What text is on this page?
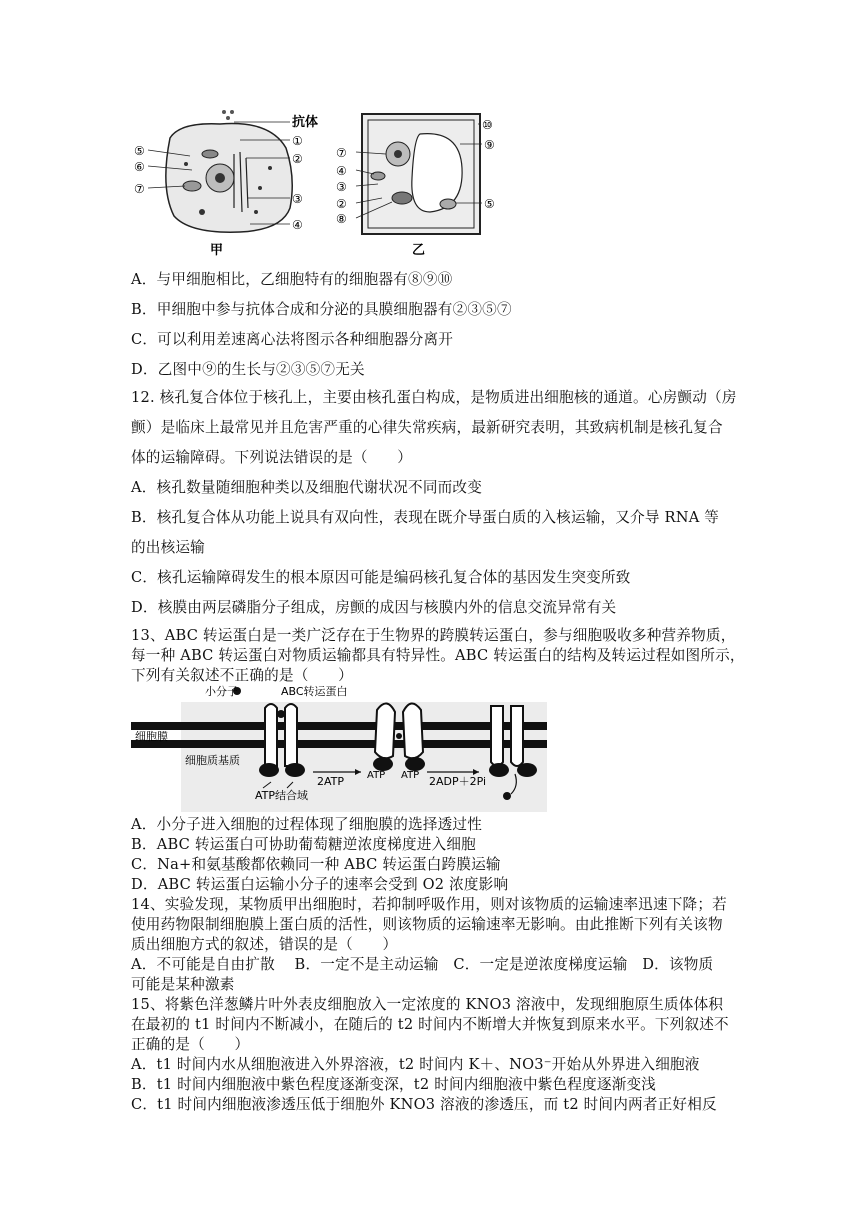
抗体
⑤
⑥
⑦
①
②
③
④
甲
⑦
④
③
②
⑧
⑩
⑨
⑤
乙
A．与甲细胞相比，乙细胞特有的细胞器有⑧⑨⑩
B．甲细胞中参与抗体合成和分泌的具膜细胞器有②③⑤⑦
C．可以利用差速离心法将图示各种细胞器分离开
D．乙图中⑨的生长与②③⑤⑦无关
12. 核孔复合体位于核孔上，主要由核孔蛋白构成，是物质进出细胞核的通道。心房颤动（房
颤）是临床上最常见并且危害严重的心律失常疾病，最新研究表明，其致病机制是核孔复合
体的运输障碍。下列说法错误的是（　　）
A．核孔数量随细胞种类以及细胞代谢状况不同而改变
B．核孔复合体从功能上说具有双向性，表现在既介导蛋白质的入核运输，又介导 RNA 等
的出核运输
C．核孔运输障碍发生的根本原因可能是编码核孔复合体的基因发生突变所致
D．核膜由两层磷脂分子组成，房颤的成因与核膜内外的信息交流异常有关
13、ABC 转运蛋白是一类广泛存在于生物界的跨膜转运蛋白，参与细胞吸收多种营养物质，
每一种 ABC 转运蛋白对物质运输都具有特异性。ABC 转运蛋白的结构及转运过程如图所示，
下列有关叙述不正确的是（　　）
小分子	ABC转运蛋白
细胞膜
细胞质基质
ATP结合域
2ATP ATP ATP 2ADP＋2Pi
A．小分子进入细胞的过程体现了细胞膜的选择透过性
B．ABC 转运蛋白可协助葡萄糖逆浓度梯度进入细胞
C．Na+和氨基酸都依赖同一种 ABC 转运蛋白跨膜运输
D．ABC 转运蛋白运输小分子的速率会受到 O2 浓度影响
14、实验发现，某物质甲出细胞时，若抑制呼吸作用，则对该物质的运输速率迅速下降；若
使用药物限制细胞膜上蛋白质的活性，则该物质的运输速率无影响。由此推断下列有关该物
质出细胞方式的叙述，错误的是（　　）
A．不可能是自由扩散　 B．一定不是主动运输　C．一定是逆浓度梯度运输　D．该物质
可能是某种激素
15、将紫色洋葱鳞片叶外表皮细胞放入一定浓度的 KNO3 溶液中，发现细胞原生质体体积
在最初的 t1 时间内不断减小，在随后的 t2 时间内不断增大并恢复到原来水平。下列叙述不
正确的是（　　）
A．t1 时间内水从细胞液进入外界溶液，t2 时间内 K＋、NO3⁻开始从外界进入细胞液
B．t1 时间内细胞液中紫色程度逐渐变深，t2 时间内细胞液中紫色程度逐渐变浅
C．t1 时间内细胞液渗透压低于细胞外 KNO3 溶液的渗透压，而 t2 时间内两者正好相反
